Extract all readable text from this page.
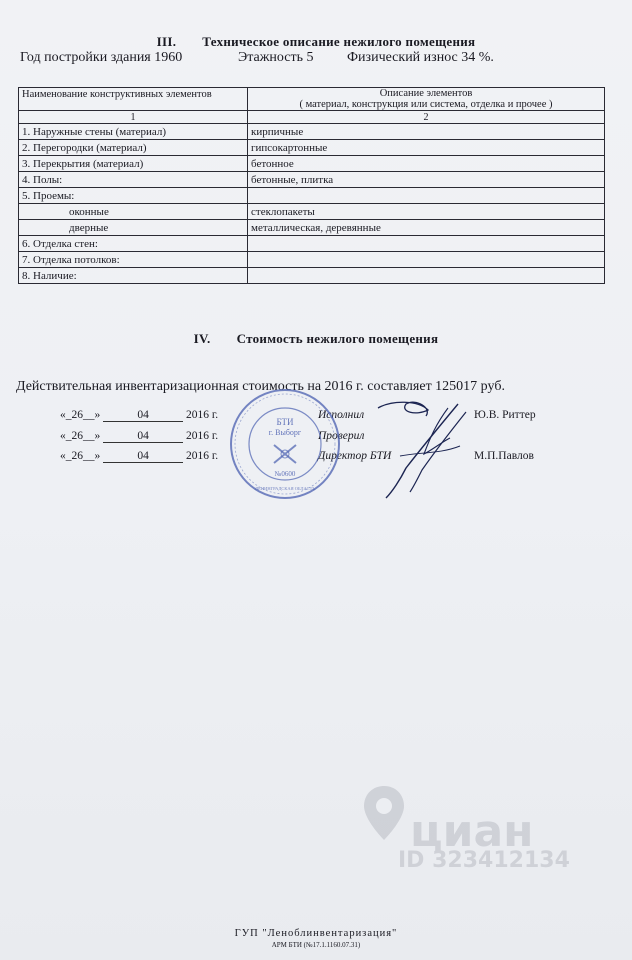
III. Техническое описание нежилого помещения
Год постройки здания 1960	Этажность 5 Физический износ 34 %.
Наименование конструктивных элементов	Описание элементов
( материал, конструкция или система, отделка и прочее )

1	2
1. Наружные стены (материал)	кирпичные
2. Перегородки (материал)	гипсокартонные
3. Перекрытия (материал)	бетонное
4. Полы:	бетонные, плитка
5. Проемы:	
оконные	стеклопакеты
дверные	металлическая, деревянные
6. Отделка стен:	
7. Отделка потолков:	
8. Наличие:	
IV. Стоимость нежилого помещения
Действительная инвентаризационная стоимость на 2016 г. составляет 125017 руб.
«_26__»	04	2016 г.	Исполнил	Ю.В. Риттер
«_26__»	04	2016 г.	Проверил
«_26__»	04	2016 г.	Директор БТИ	М.П.Павлов
БТИ
г. Выборг
№0600
ЛЕНИНГРАДСКАЯ ОБЛАСТЬ
циан
ID 323412134
ГУП "Леноблинвентаризация"
АРМ БТИ (№17.1.1160.07.31)
